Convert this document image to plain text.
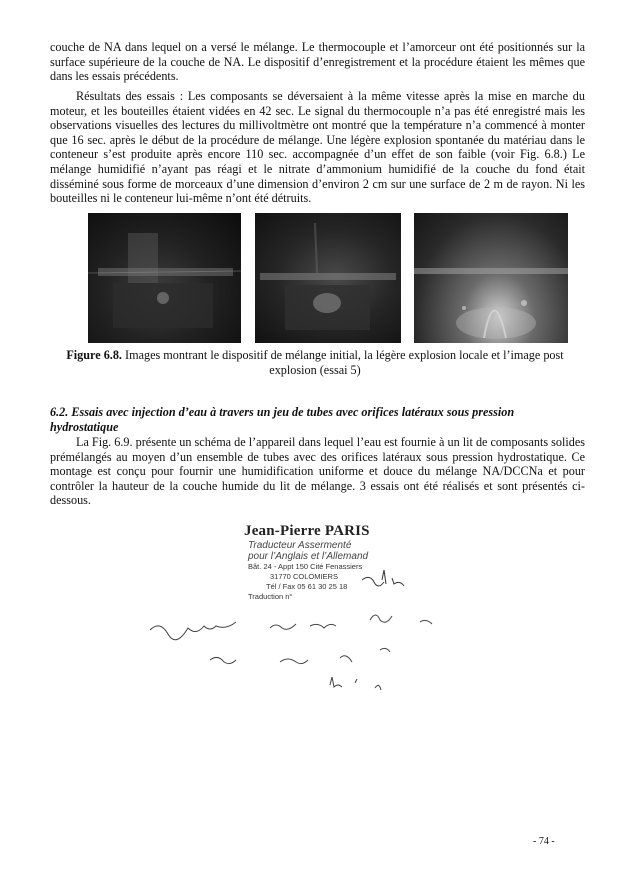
couche de NA dans lequel on a versé le mélange. Le thermocouple et l’amorceur ont été positionnés sur la surface supérieure de la couche de NA. Le dispositif d’enregistrement et la procédure étaient les mêmes que dans les essais précédents.

Résultats des essais : Les composants se déversaient à la même vitesse après la mise en marche du moteur, et les bouteilles étaient vidées en 42 sec. Le signal du thermocouple n’a pas été enregistré mais les observations visuelles des lectures du millivoltmètre ont montré que la température n’a commencé à monter que 16 sec. après le début de la procédure de mélange. Une légère explosion spontanée du matériau dans le conteneur s’est produite après encore 110 sec. accompagnée d’un effet de son faible (voir Fig. 6.8.) Le mélange humidifié n’ayant pas réagi et le nitrate d’ammonium humidifié de la couche du fond était disséminé sous forme de morceaux d’une dimension d’environ 2 cm sur une surface de 2 m de rayon. Ni les bouteilles ni le conteneur lui-même n’ont été détruits.

Figure 6.8. Images montrant le dispositif de mélange initial, la légère explosion locale et l’image post explosion (essai 5)
6.2. Essais avec injection d’eau à travers un jeu de tubes avec orifices latéraux sous pression hydrostatique

La Fig. 6.9. présente un schéma de l’appareil dans lequel l’eau est fournie à un lit de composants solides prémélangés au moyen d’un ensemble de tubes avec des orifices latéraux sous pression hydrostatique. Ce montage est conçu pour fournir une humidification uniforme et douce du mélange NA/DCCNa et pour contrôler la hauteur de la couche humide du lit de mélange. 3 essais ont été réalisés et sont présentés ci-dessous.

Jean-Pierre PARIS
Traducteur Assermenté
pour l’Anglais et l’Allemand
Bât. 24 - Appt 150 Cité Fenassiers
31770 COLOMIERS
Tél / Fax 05 61 30 25 18
Traduction n°
- 74 -
